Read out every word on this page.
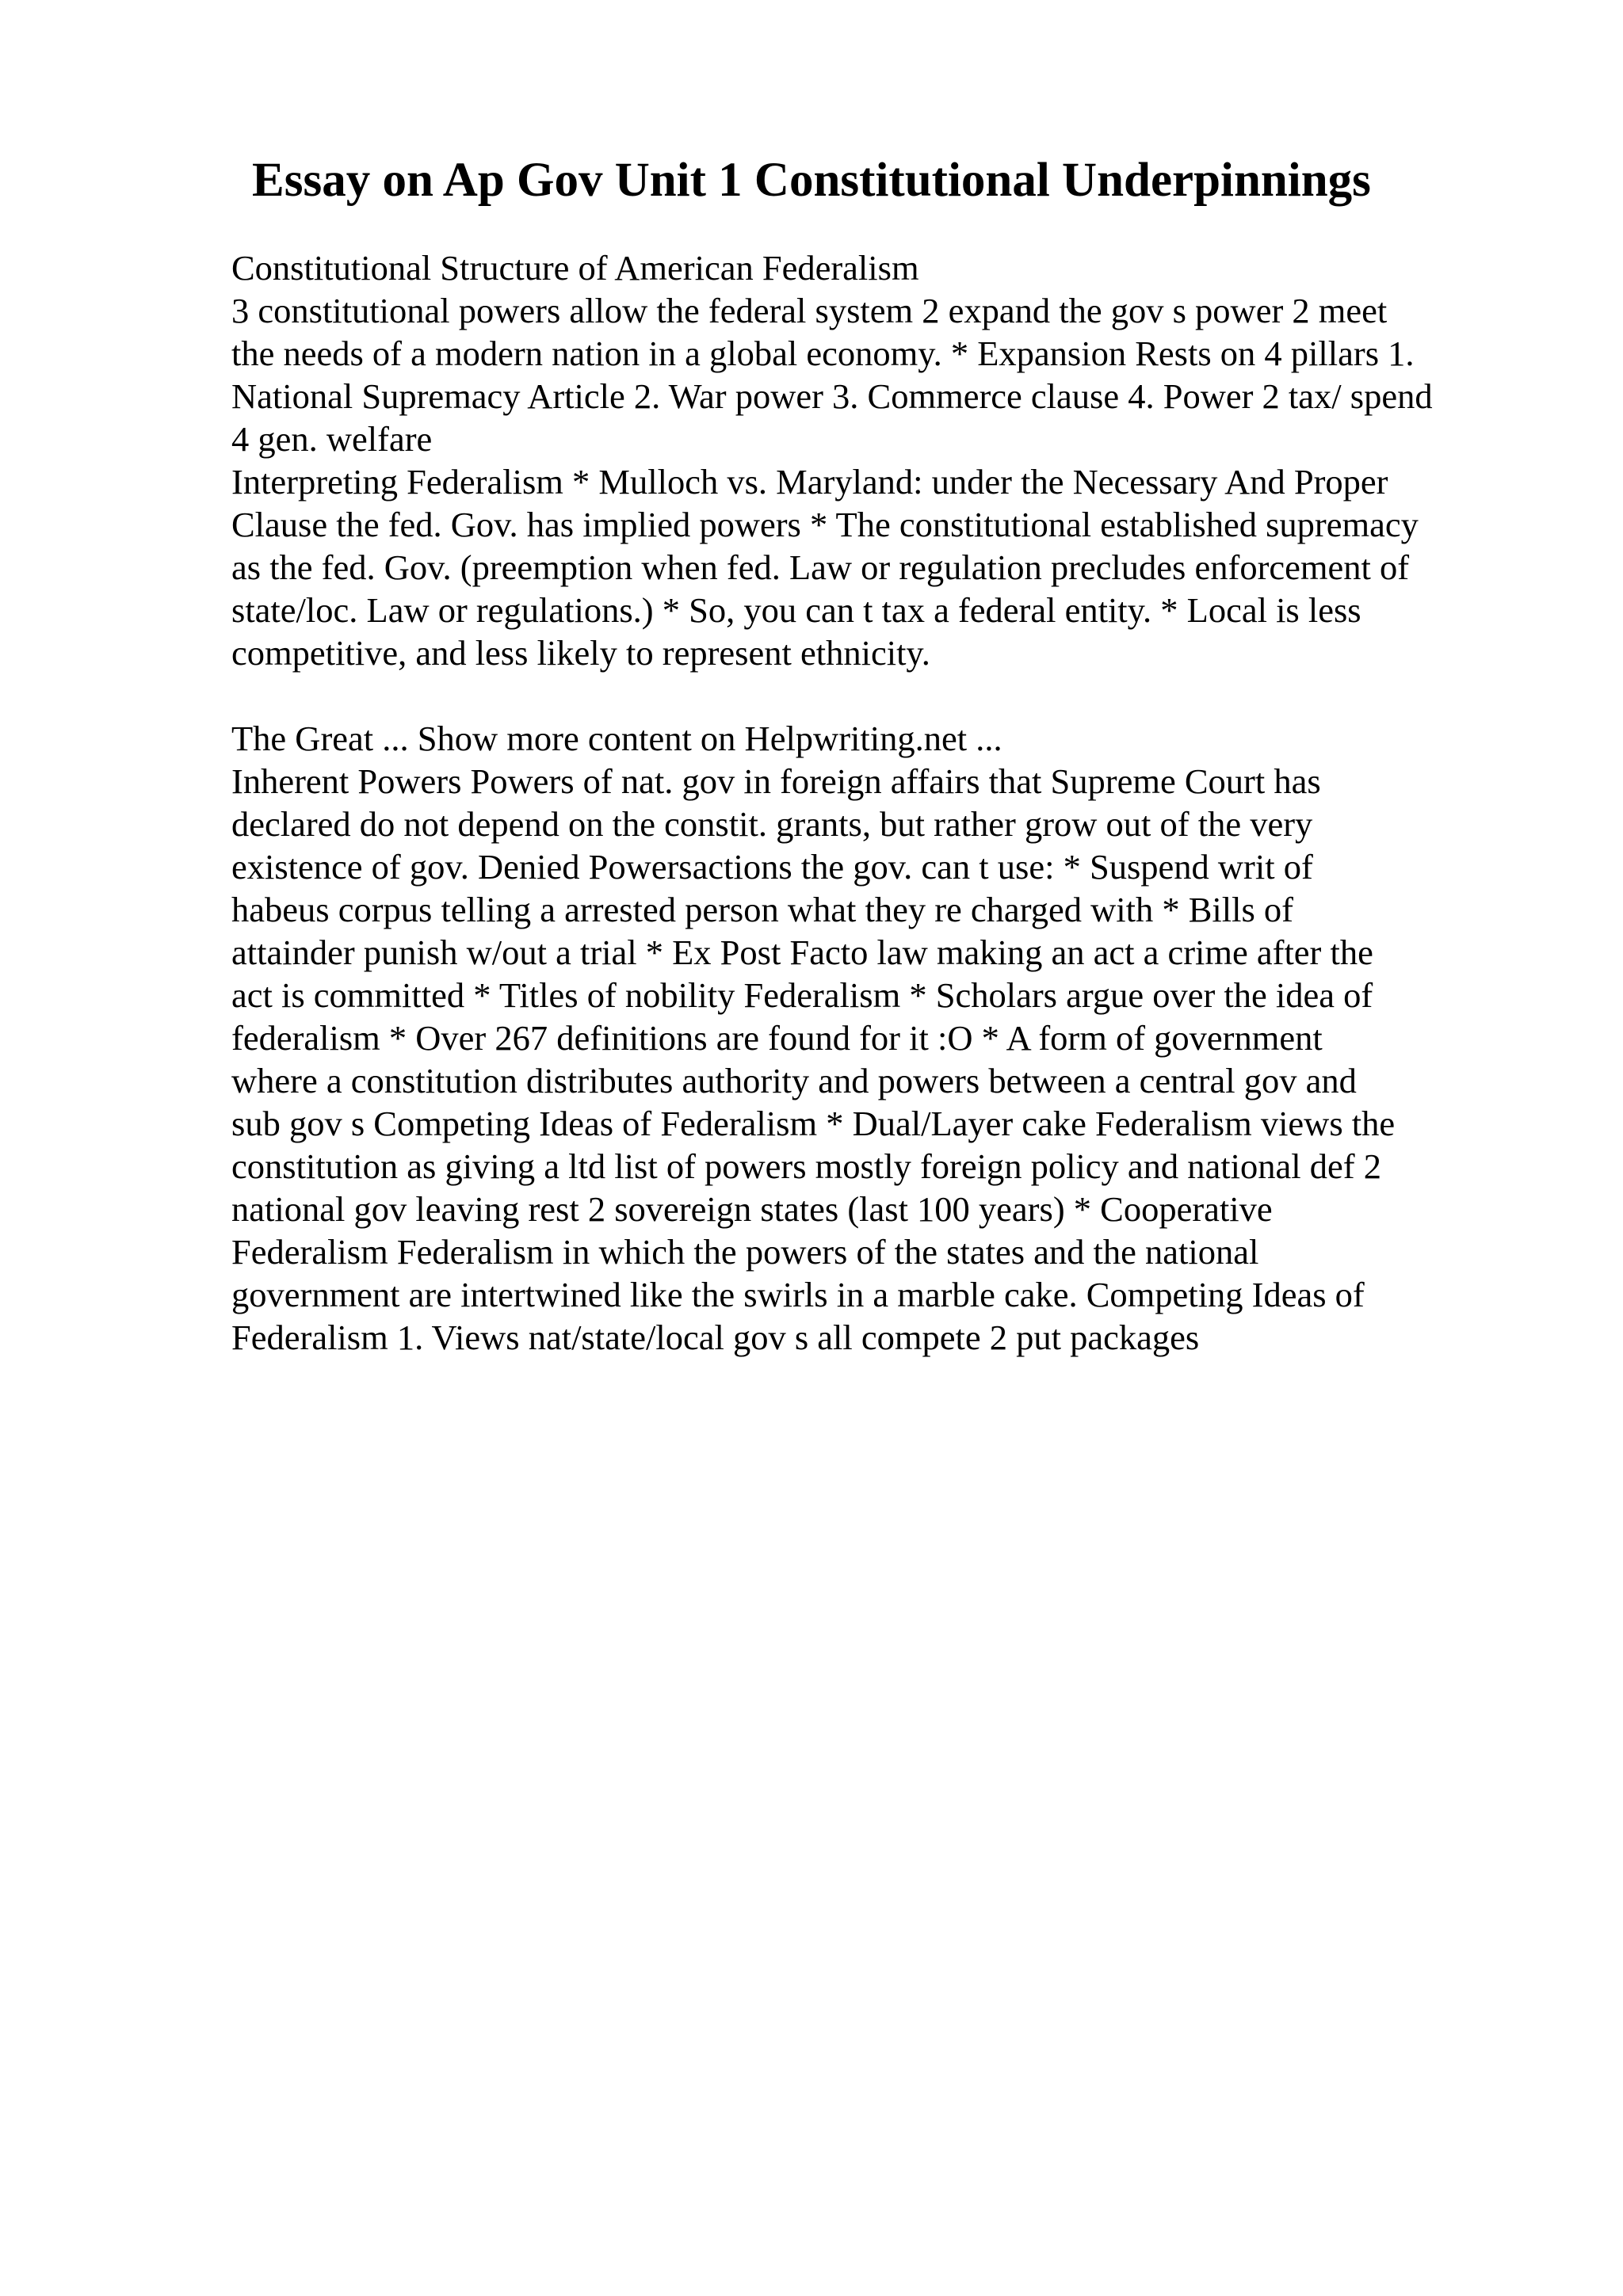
Essay on Ap Gov Unit 1 Constitutional Underpinnings

Constitutional Structure of American Federalism

3 constitutional powers allow the federal system 2 expand the gov s power 2 meet

the needs of a modern nation in a global economy. * Expansion Rests on 4 pillars 1.

National Supremacy Article 2. War power 3. Commerce clause 4. Power 2 tax/ spend

4 gen. welfare

Interpreting Federalism * Mulloch vs. Maryland: under the Necessary And Proper

Clause the fed. Gov. has implied powers * The constitutional established supremacy

as the fed. Gov. (preemption when fed. Law or regulation precludes enforcement of

state/loc. Law or regulations.) * So, you can t tax a federal entity. * Local is less

competitive, and less likely to represent ethnicity.

The Great ... Show more content on Helpwriting.net ...

Inherent Powers Powers of nat. gov in foreign affairs that Supreme Court has

declared do not depend on the constit. grants, but rather grow out of the very

existence of gov. Denied Powersactions the gov. can t use: * Suspend writ of

habeus corpus telling a arrested person what they re charged with * Bills of

attainder punish w/out a trial * Ex Post Facto law making an act a crime after the

act is committed * Titles of nobility Federalism * Scholars argue over the idea of

federalism * Over 267 definitions are found for it :O * A form of government

where a constitution distributes authority and powers between a central gov and

sub gov s Competing Ideas of Federalism * Dual/Layer cake Federalism views the

constitution as giving a ltd list of powers mostly foreign policy and national def 2

national gov leaving rest 2 sovereign states (last 100 years) * Cooperative

Federalism Federalism in which the powers of the states and the national

government are intertwined like the swirls in a marble cake. Competing Ideas of

Federalism 1. Views nat/state/local gov s all compete 2 put packages
